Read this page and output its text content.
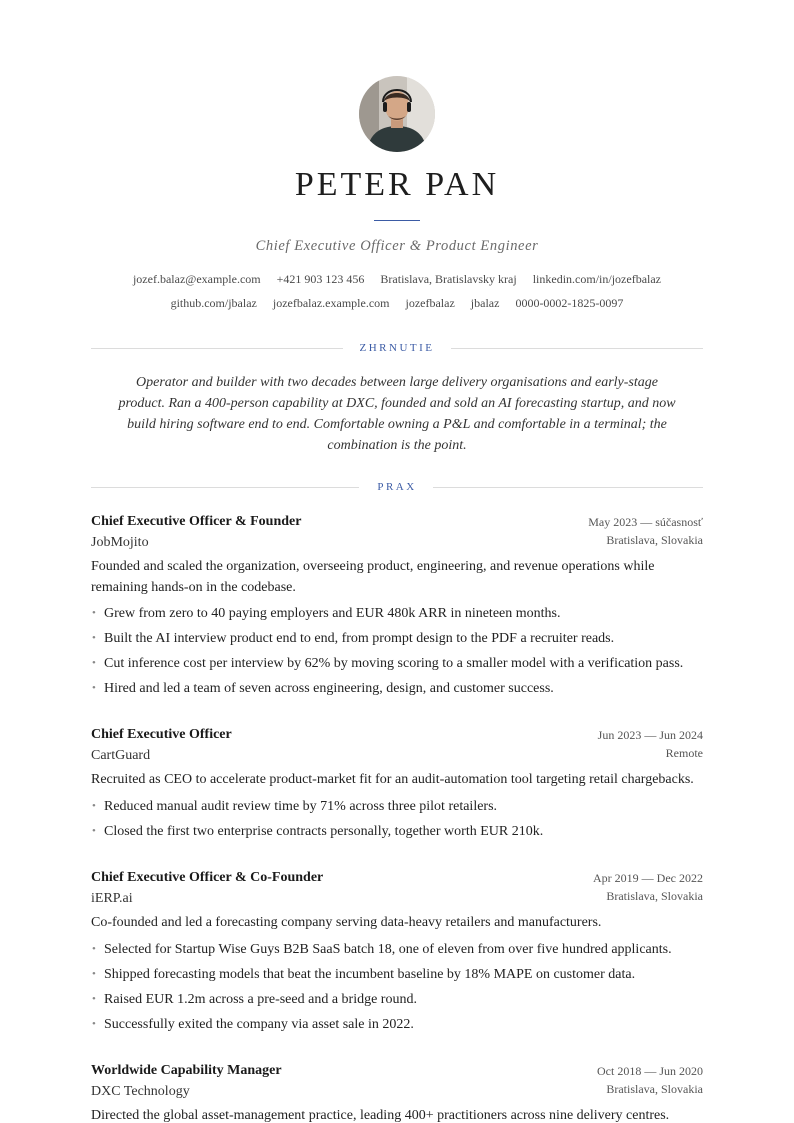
PETER PAN
Chief Executive Officer & Product Engineer
jozef.balaz@example.com +421 903 123 456 Bratislava, Bratislavsky kraj linkedin.com/in/jozefbalaz
github.com/jbalaz jozefbalaz.example.com jozefbalaz jbalaz 0000-0002-1825-0097
ZHRNUTIE
Operator and builder with two decades between large delivery organisations and early-stage product. Ran a 400-person capability at DXC, founded and sold an AI forecasting startup, and now build hiring software end to end. Comfortable owning a P&L and comfortable in a terminal; the combination is the point.
PRAX
Chief Executive Officer & Founder	May 2023 — súčasnosť
JobMojito	Bratislava, Slovakia
Founded and scaled the organization, overseeing product, engineering, and revenue operations while remaining hands-on in the codebase.
• Grew from zero to 40 paying employers and EUR 480k ARR in nineteen months.
• Built the AI interview product end to end, from prompt design to the PDF a recruiter reads.
• Cut inference cost per interview by 62% by moving scoring to a smaller model with a verification pass.
• Hired and led a team of seven across engineering, design, and customer success.
Chief Executive Officer	Jun 2023 — Jun 2024
CartGuard	Remote
Recruited as CEO to accelerate product-market fit for an audit-automation tool targeting retail chargebacks.
• Reduced manual audit review time by 71% across three pilot retailers.
• Closed the first two enterprise contracts personally, together worth EUR 210k.
Chief Executive Officer & Co-Founder	Apr 2019 — Dec 2022
iERP.ai	Bratislava, Slovakia
Co-founded and led a forecasting company serving data-heavy retailers and manufacturers.
• Selected for Startup Wise Guys B2B SaaS batch 18, one of eleven from over five hundred applicants.
• Shipped forecasting models that beat the incumbent baseline by 18% MAPE on customer data.
• Raised EUR 1.2m across a pre-seed and a bridge round.
• Successfully exited the company via asset sale in 2022.
Worldwide Capability Manager	Oct 2018 — Jun 2020
DXC Technology	Bratislava, Slovakia
Directed the global asset-management practice, leading 400+ practitioners across nine delivery centres.
